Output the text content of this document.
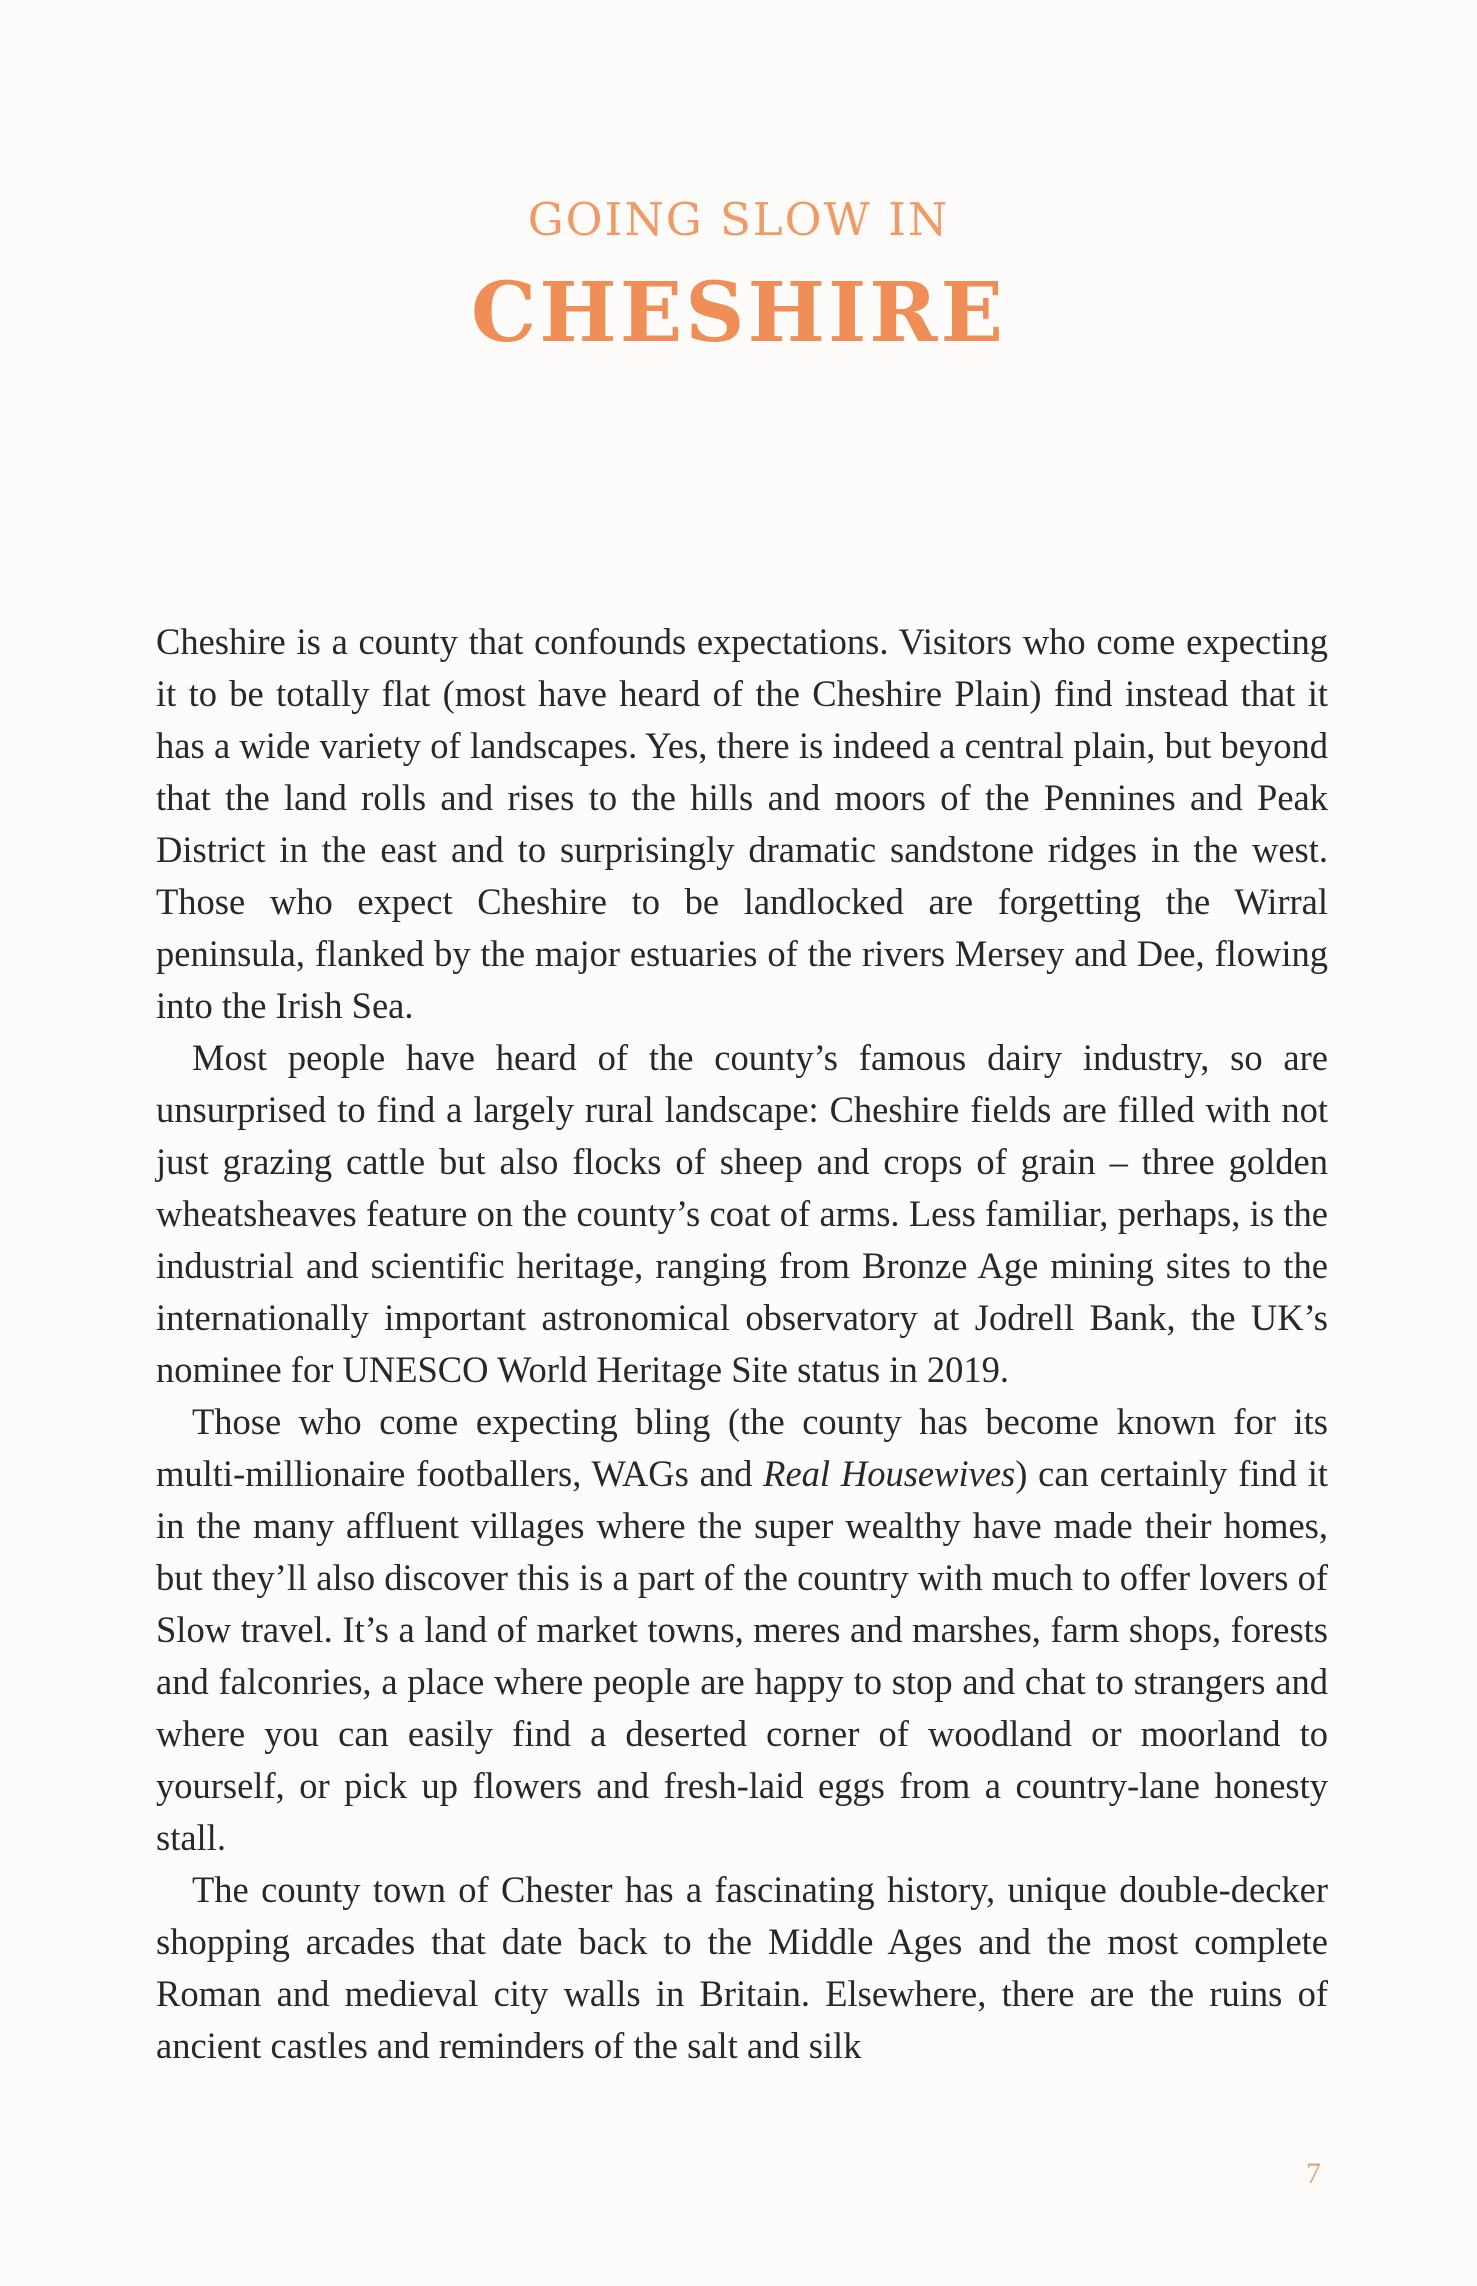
GOING SLOW IN
CHESHIRE

Cheshire is a county that confounds expectations. Visitors who come expecting it to be totally flat (most have heard of the Cheshire Plain) find instead that it has a wide variety of landscapes. Yes, there is indeed a central plain, but beyond that the land rolls and rises to the hills and moors of the Pennines and Peak District in the east and to surprisingly dramatic sandstone ridges in the west. Those who expect Cheshire to be landlocked are forgetting the Wirral peninsula, flanked by the major estuaries of the rivers Mersey and Dee, flowing into the Irish Sea.

Most people have heard of the county’s famous dairy industry, so are unsurprised to find a largely rural landscape: Cheshire fields are filled with not just grazing cattle but also flocks of sheep and crops of grain – three golden wheatsheaves feature on the county’s coat of arms. Less familiar, perhaps, is the industrial and scientific heritage, ranging from Bronze Age mining sites to the internationally important astronomical observatory at Jodrell Bank, the UK’s nominee for UNESCO World Heritage Site status in 2019.

Those who come expecting bling (the county has become known for its multi-millionaire footballers, WAGs and Real Housewives) can certainly find it in the many affluent villages where the super wealthy have made their homes, but they’ll also discover this is a part of the country with much to offer lovers of Slow travel. It’s a land of market towns, meres and marshes, farm shops, forests and falconries, a place where people are happy to stop and chat to strangers and where you can easily find a deserted corner of woodland or moorland to yourself, or pick up flowers and fresh-laid eggs from a country-lane honesty stall.

The county town of Chester has a fascinating history, unique double-decker shopping arcades that date back to the Middle Ages and the most complete Roman and medieval city walls in Britain. Elsewhere, there are the ruins of ancient castles and reminders of the salt and silk

7
